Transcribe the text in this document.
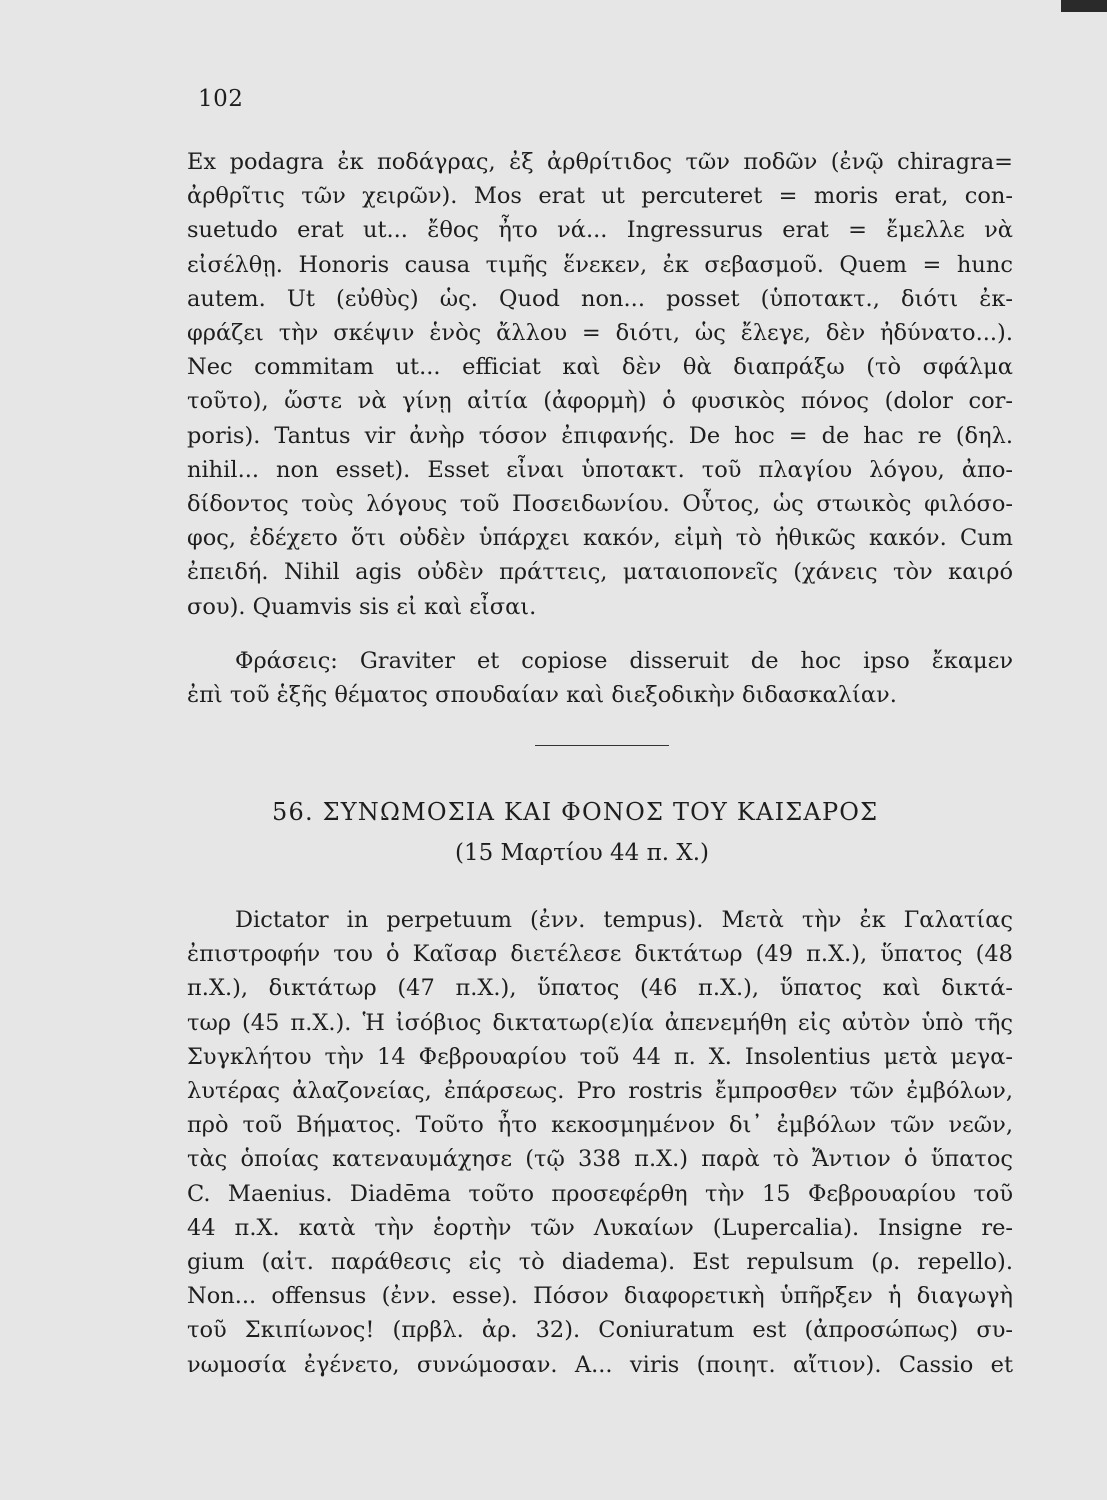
102
Ex podagra ἐκ ποδάγρας, ἐξ ἀρθρίτιδος τῶν ποδῶν (ἐνῷ chiragra=
ἀρθρῖτις τῶν χειρῶν). Mos erat ut percuteret = moris erat, con-
suetudo erat ut... ἔθος ἦτο νά... Ingressurus erat = ἔμελλε νὰ
εἰσέλθῃ. Honoris causa τιμῆς ἕνεκεν, ἐκ σεβασμοῦ. Quem = hunc
autem. Ut (εὐθὺς) ὡς. Quod non... posset (ὑποτακτ., διότι ἐκ-
φράζει τὴν σκέψιν ἑνὸς ἄλλου = διότι, ὡς ἔλεγε, δὲν ἠδύνατο...).
Nec commitam ut... efficiat καὶ δὲν θὰ διαπράξω (τὸ σφάλμα
τοῦτο), ὥστε νὰ γίνῃ αἰτία (ἀφορμὴ) ὁ φυσικὸς πόνος (dolor cor-
poris). Tantus vir ἀνὴρ τόσον ἐπιφανής. De hoc = de hac re (δηλ.
nihil... non esset). Esset εἶναι ὑποτακτ. τοῦ πλαγίου λόγου, ἀπο-
δίδοντος τοὺς λόγους τοῦ Ποσειδωνίου. Οὗτος, ὡς στωικὸς φιλόσο-
φος, ἐδέχετο ὅτι οὐδὲν ὑπάρχει κακόν, εἰμὴ τὸ ἠθικῶς κακόν. Cum
ἐπειδή. Nihil agis οὐδὲν πράττεις, ματαιοπονεῖς (χάνεις τὸν καιρό
σου). Quamvis sis εἰ καὶ εἶσαι.
Φράσεις: Graviter et copiose disseruit de hoc ipso ἔκαμεν
ἐπὶ τοῦ ἑξῆς θέματος σπουδαίαν καὶ διεξοδικὴν διδασκαλίαν.
56. ΣΥΝΩΜΟΣΙΑ ΚΑΙ ΦΟΝΟΣ ΤΟΥ ΚΑΙΣΑΡΟΣ
(15 Μαρτίου 44 π. Χ.)
Dictator in perpetuum (ἐνν. tempus). Μετὰ τὴν ἐκ Γαλατίας
ἐπιστροφήν του ὁ Καῖσαρ διετέλεσε δικτάτωρ (49 π.Χ.), ὕπατος (48
π.Χ.), δικτάτωρ (47 π.Χ.), ὕπατος (46 π.Χ.), ὕπατος καὶ δικτά-
τωρ (45 π.Χ.). Ἡ ἰσόβιος δικτατωρ(ε)ία ἀπενεμήθη εἰς αὐτὸν ὑπὸ τῆς
Συγκλήτου τὴν 14 Φεβρουαρίου τοῦ 44 π. Χ. Insolentius μετὰ μεγα-
λυτέρας ἀλαζονείας, ἐπάρσεως. Pro rostris ἔμπροσθεν τῶν ἐμβόλων,
πρὸ τοῦ Βήματος. Τοῦτο ἦτο κεκοσμημένον δι᾿ ἐμβόλων τῶν νεῶν,
τὰς ὁποίας κατεναυμάχησε (τῷ 338 π.Χ.) παρὰ τὸ Ἄντιον ὁ ὕπατος
C. Maenius. Diadēma τοῦτο προσεφέρθη τὴν 15 Φεβρουαρίου τοῦ
44 π.Χ. κατὰ τὴν ἑορτὴν τῶν Λυκαίων (Lupercalia). Insigne re-
gium (αἰτ. παράθεσις εἰς τὸ diadema). Est repulsum (ρ. repello).
Non... offensus (ἐνν. esse). Πόσον διαφορετικὴ ὑπῆρξεν ἡ διαγωγὴ
τοῦ Σκιπίωνος! (πρβλ. ἀρ. 32). Coniuratum est (ἀπροσώπως) συ-
νωμοσία ἐγένετο, συνώμοσαν. A... viris (ποιητ. αἴτιον). Cassio et
